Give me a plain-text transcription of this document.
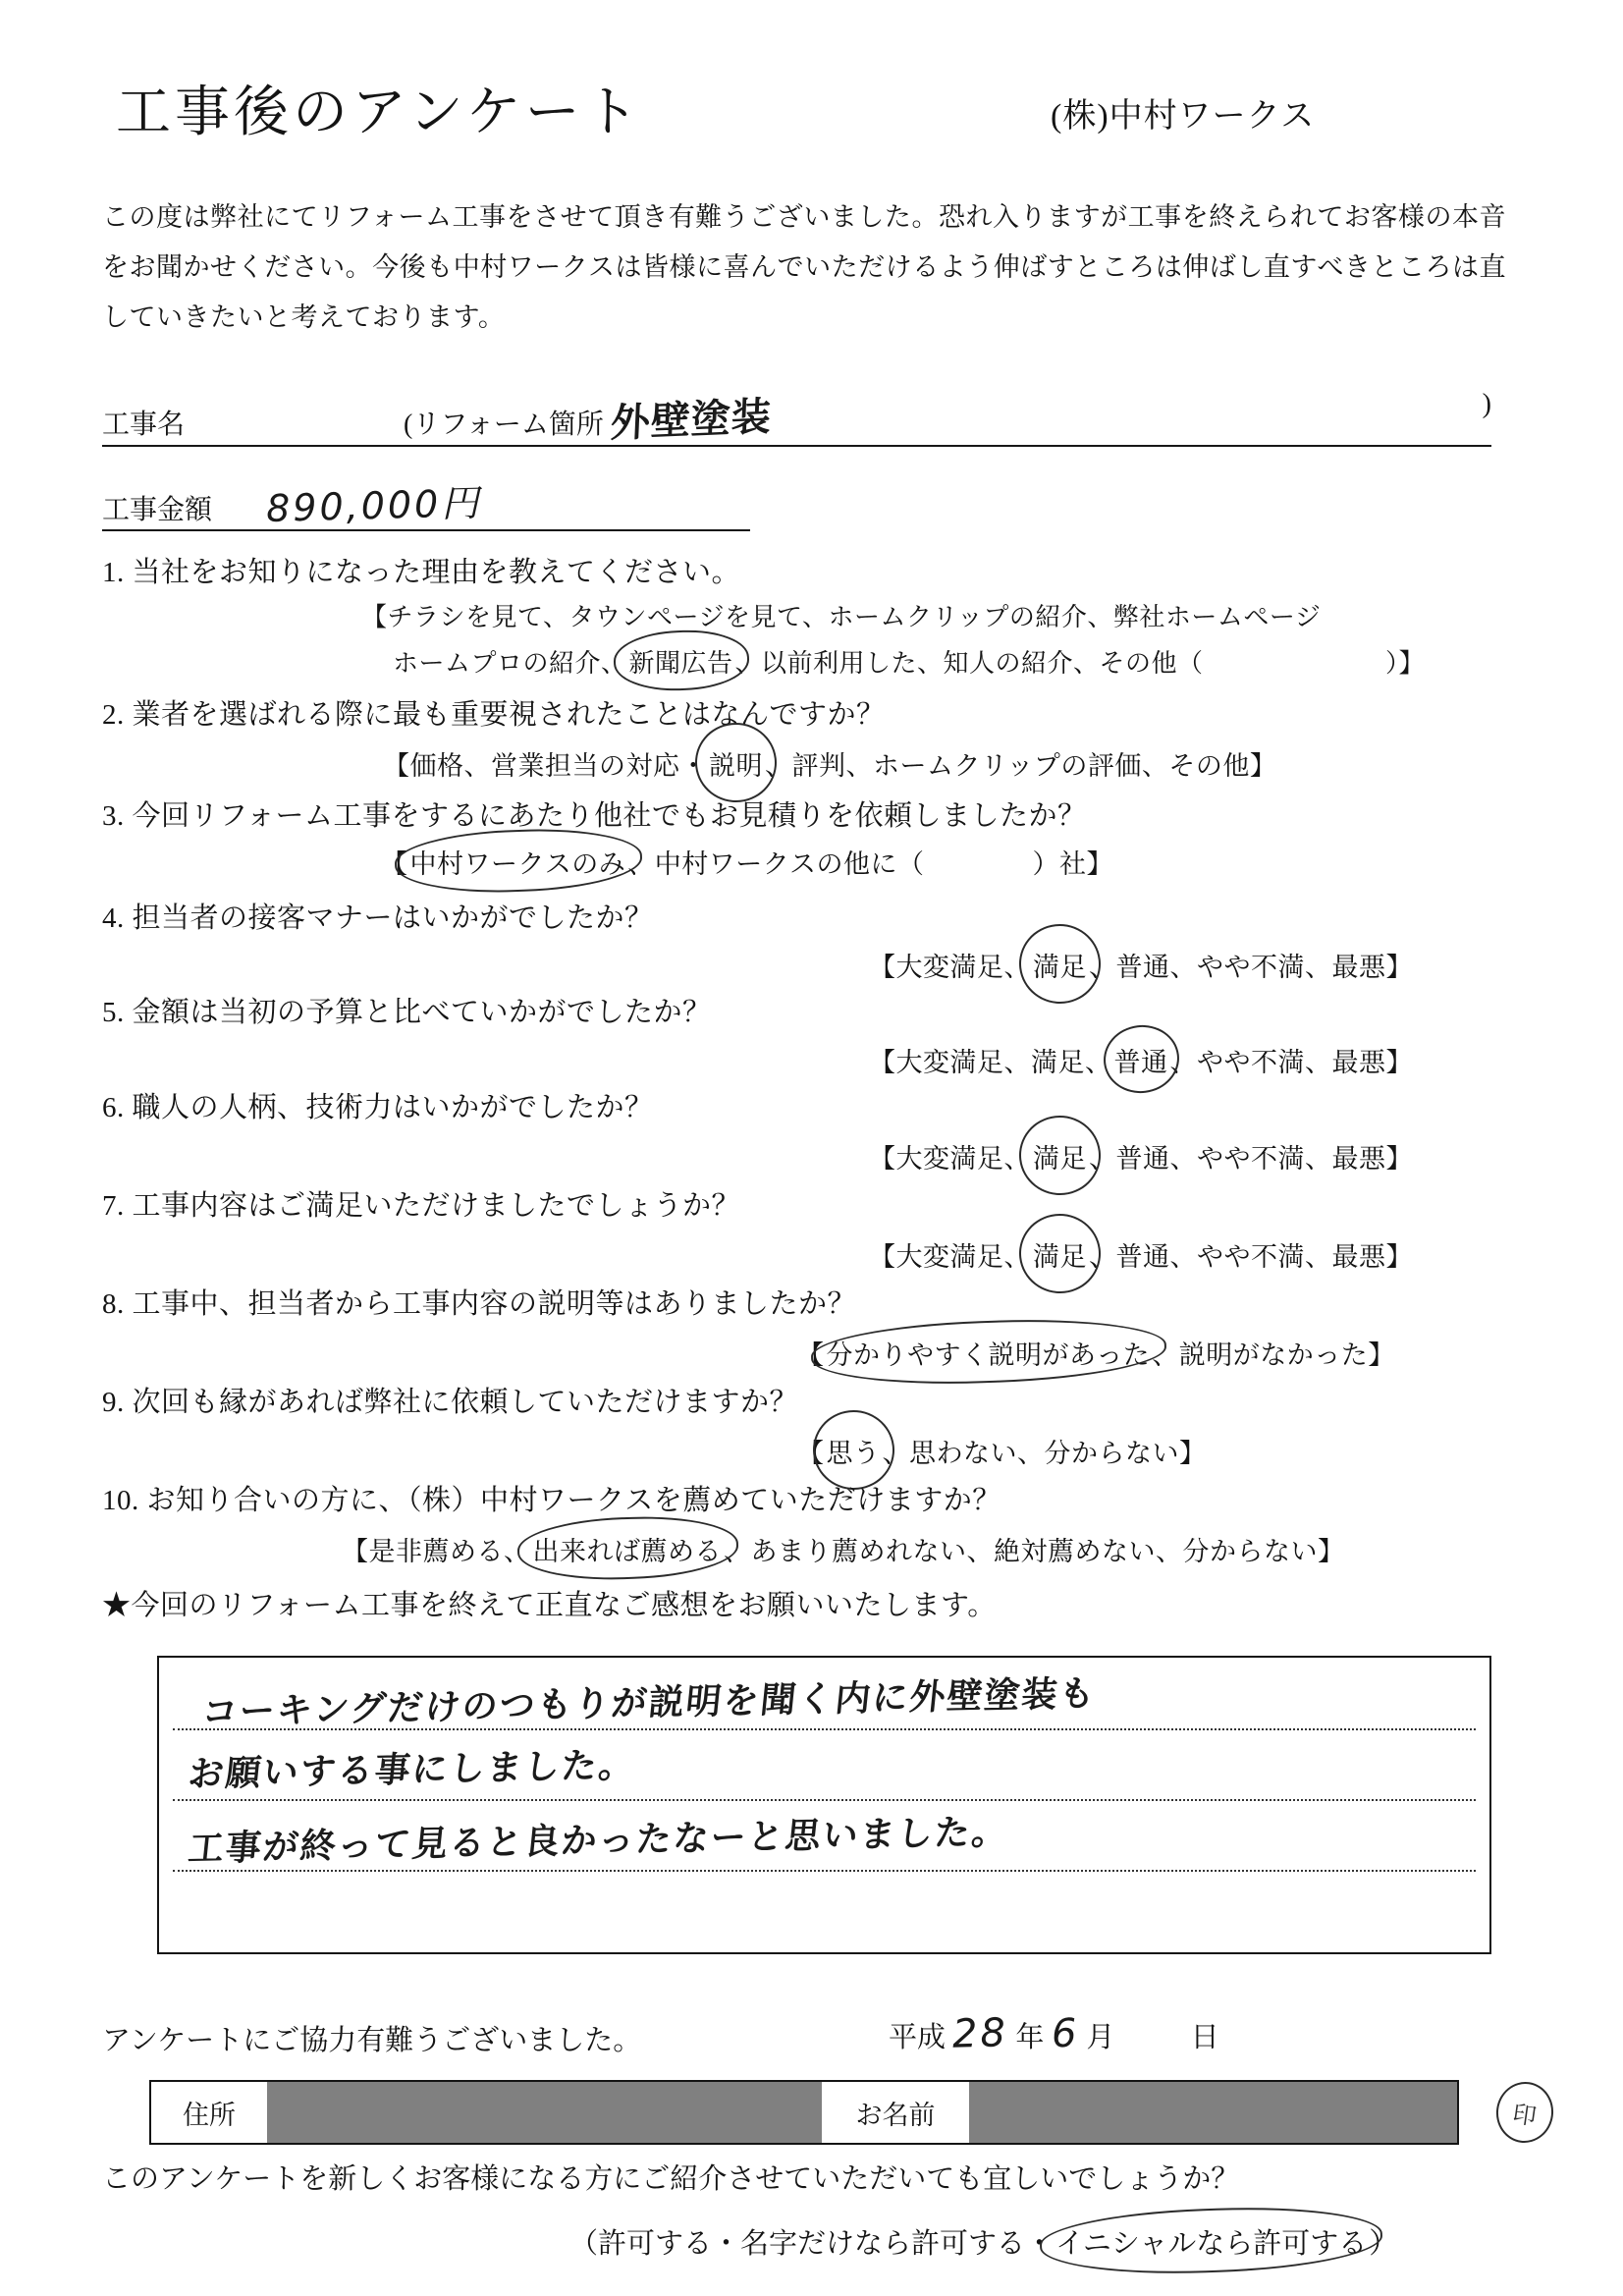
工事後のアンケート	(株)中村ワークス
この度は弊社にてリフォーム工事をさせて頂き有難うございました。恐れ入りますが工事を終えられてお客様の本音をお聞かせください。今後も中村ワークスは皆様に喜んでいただけるよう伸ばすところは伸ばし直すべきところは直していきたいと考えております。
工事名	(リフォーム箇所 外壁塗装	)
工事金額 890,000円
1. 当社をお知りになった理由を教えてください。
【チラシを見て、タウンページを見て、ホームクリップの紹介、弊社ホームページ
ホームプロの紹介、新聞広告、以前利用した、知人の紹介、その他（　　　　　　　）】
2. 業者を選ばれる際に最も重要視されたことはなんですか？
【価格、営業担当の対応・説明、評判、ホームクリップの評価、その他】
3. 今回リフォーム工事をするにあたり他社でもお見積りを依頼しましたか？
【中村ワークスのみ、中村ワークスの他に（　　　　）社】
4. 担当者の接客マナーはいかがでしたか？
【大変満足、満足、普通、やや不満、最悪】
5. 金額は当初の予算と比べていかがでしたか？
【大変満足、満足、普通、やや不満、最悪】
6. 職人の人柄、技術力はいかがでしたか？
【大変満足、満足、普通、やや不満、最悪】
7. 工事内容はご満足いただけましたでしょうか？
【大変満足、満足、普通、やや不満、最悪】
8. 工事中、担当者から工事内容の説明等はありましたか？
【分かりやすく説明があった、説明がなかった】
9. 次回も縁があれば弊社に依頼していただけますか？
【思う、思わない、分からない】
10. お知り合いの方に、（株）中村ワークスを薦めていただけますか？
【是非薦める、出来れば薦める、あまり薦めれない、絶対薦めない、分からない】
★今回のリフォーム工事を終えて正直なご感想をお願いいたします。
コーキングだけのつもりが説明を聞く内に外壁塗装も
お願いする事にしました。
工事が終って見ると良かったなーと思いました。
アンケートにご協力有難うございました。	平成 28 年 6 月	日
住所	お名前	印
このアンケートを新しくお客様になる方にご紹介させていただいても宜しいでしょうか？
（許可する・名字だけなら許可する・イニシャルなら許可する）
